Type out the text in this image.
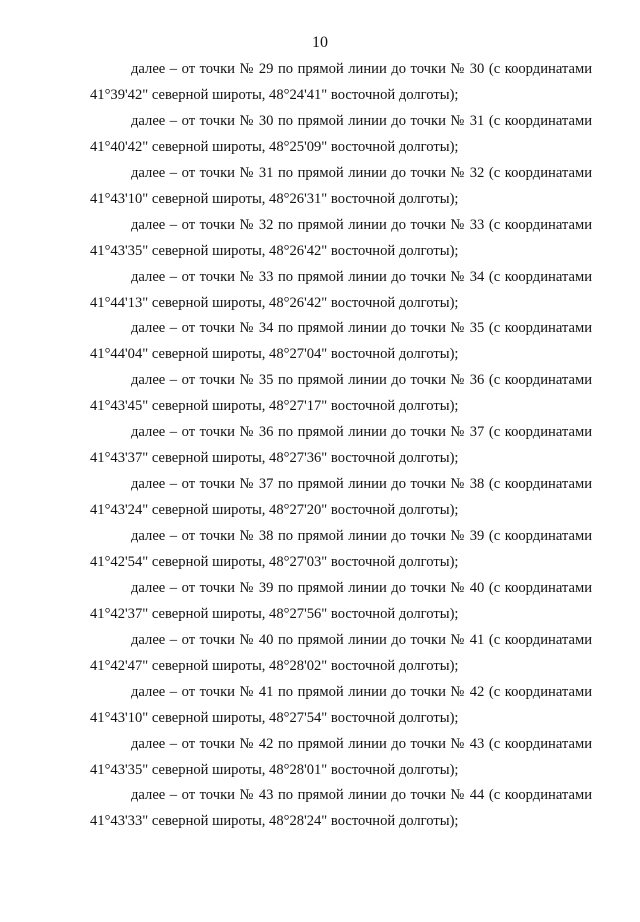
10
далее – от точки № 29 по прямой линии до точки № 30 (с координатами
41°39'42" северной широты, 48°24'41" восточной долготы);
далее – от точки № 30 по прямой линии до точки № 31 (с координатами
41°40'42" северной широты, 48°25'09" восточной долготы);
далее – от точки № 31 по прямой линии до точки № 32 (с координатами
41°43'10" северной широты, 48°26'31" восточной долготы);
далее – от точки № 32 по прямой линии до точки № 33 (с координатами
41°43'35" северной широты, 48°26'42" восточной долготы);
далее – от точки № 33 по прямой линии до точки № 34 (с координатами
41°44'13" северной широты, 48°26'42" восточной долготы);
далее – от точки № 34 по прямой линии до точки № 35 (с координатами
41°44'04" северной широты, 48°27'04" восточной долготы);
далее – от точки № 35 по прямой линии до точки № 36 (с координатами
41°43'45" северной широты, 48°27'17" восточной долготы);
далее – от точки № 36 по прямой линии до точки № 37 (с координатами
41°43'37" северной широты, 48°27'36" восточной долготы);
далее – от точки № 37 по прямой линии до точки № 38 (с координатами
41°43'24" северной широты, 48°27'20" восточной долготы);
далее – от точки № 38 по прямой линии до точки № 39 (с координатами
41°42'54" северной широты, 48°27'03" восточной долготы);
далее – от точки № 39 по прямой линии до точки № 40 (с координатами
41°42'37" северной широты, 48°27'56" восточной долготы);
далее – от точки № 40 по прямой линии до точки № 41 (с координатами
41°42'47" северной широты, 48°28'02" восточной долготы);
далее – от точки № 41 по прямой линии до точки № 42 (с координатами
41°43'10" северной широты, 48°27'54" восточной долготы);
далее – от точки № 42 по прямой линии до точки № 43 (с координатами
41°43'35" северной широты, 48°28'01" восточной долготы);
далее – от точки № 43 по прямой линии до точки № 44 (с координатами
41°43'33" северной широты, 48°28'24" восточной долготы);
